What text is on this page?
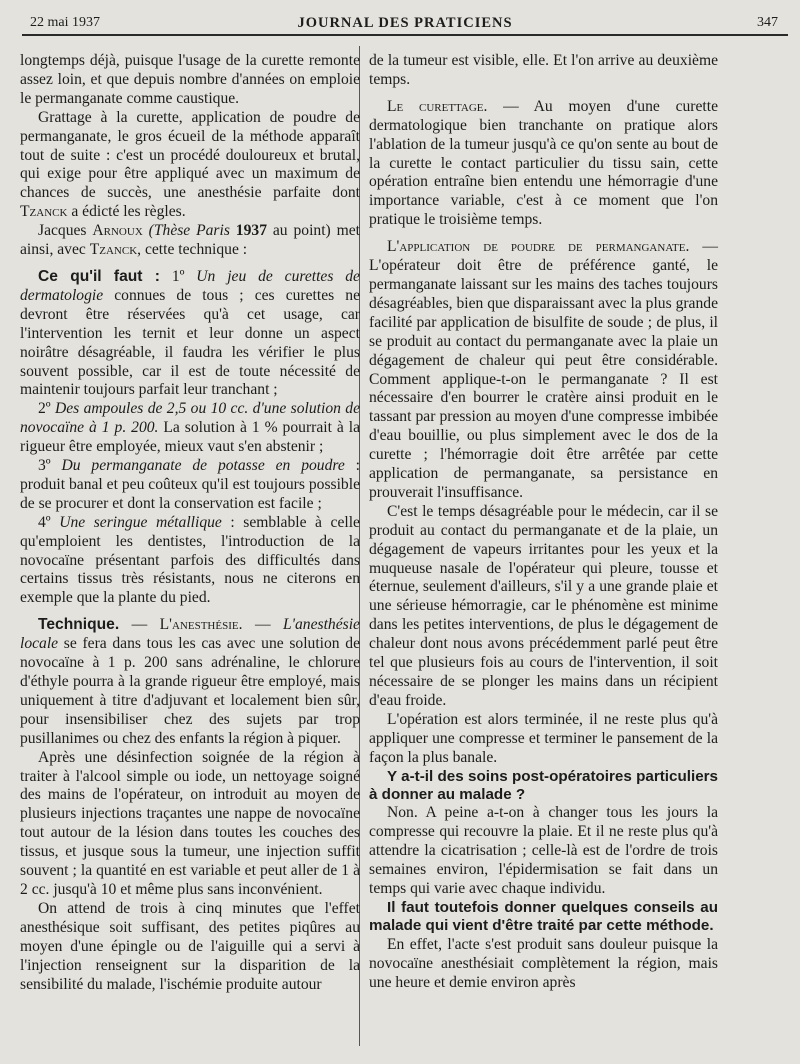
22 mai 1937	JOURNAL DES PRATICIENS	347

longtemps déjà, puisque l'usage de la curette remonte assez loin, et que depuis nombre d'années on emploie le permanganate comme caustique.

Grattage à la curette, application de poudre de permanganate, le gros écueil de la méthode apparaît tout de suite : c'est un procédé douloureux et brutal, qui exige pour être appliqué avec un maximum de chances de succès, une anesthésie parfaite dont Tzanck a édicté les règles.

Jacques Arnoux (Thèse Paris 1937 au point) met ainsi, avec Tzanck, cette technique :

Ce qu'il faut : 1º Un jeu de curettes de dermatologie connues de tous ; ces curettes ne devront être réservées qu'à cet usage, car l'intervention les ternit et leur donne un aspect noirâtre désagréable, il faudra les vérifier le plus souvent possible, car il est de toute nécessité de maintenir toujours parfait leur tranchant ;

2º Des ampoules de 2,5 ou 10 cc. d'une solution de novocaïne à 1 p. 200. La solution à 1 % pourrait à la rigueur être employée, mieux vaut s'en abstenir ;

3º Du permanganate de potasse en poudre : produit banal et peu coûteux qu'il est toujours possible de se procurer et dont la conservation est facile ;

4º Une seringue métallique : semblable à celle qu'emploient les dentistes, l'introduction de la novocaïne présentant parfois des difficultés dans certains tissus très résistants, nous ne citerons en exemple que la plante du pied.

Technique. — L'anesthésie. — L'anesthésie locale se fera dans tous les cas avec une solution de novocaïne à 1 p. 200 sans adrénaline, le chlorure d'éthyle pourra à la grande rigueur être employé, mais uniquement à titre d'adjuvant et localement bien sûr, pour insensibiliser chez des sujets par trop pusillanimes ou chez des enfants la région à piquer.

Après une désinfection soignée de la région à traiter à l'alcool simple ou iode, un nettoyage soigné des mains de l'opérateur, on introduit au moyen de plusieurs injections traçantes une nappe de novocaïne tout autour de la lésion dans toutes les couches des tissus, et jusque sous la tumeur, une injection suffit souvent ; la quantité en est variable et peut aller de 1 à 2 cc. jusqu'à 10 et même plus sans inconvénient.

On attend de trois à cinq minutes que l'effet anesthésique soit suffisant, des petites piqûres au moyen d'une épingle ou de l'aiguille qui a servi à l'injection renseignent sur la disparition de la sensibilité du malade, l'ischémie produite autour

de la tumeur est visible, elle. Et l'on arrive au deuxième temps.

Le curettage. — Au moyen d'une curette dermatologique bien tranchante on pratique alors l'ablation de la tumeur jusqu'à ce qu'on sente au bout de la curette le contact particulier du tissu sain, cette opération entraîne bien entendu une hémorragie d'une importance variable, c'est à ce moment que l'on pratique le troisième temps.

L'application de poudre de permanganate. — L'opérateur doit être de préférence ganté, le permanganate laissant sur les mains des taches toujours désagréables, bien que disparaissant avec la plus grande facilité par application de bisulfite de soude ; de plus, il se produit au contact du permanganate avec la plaie un dégagement de chaleur qui peut être considérable. Comment applique-t-on le permanganate ? Il est nécessaire d'en bourrer le cratère ainsi produit en le tassant par pression au moyen d'une compresse imbibée d'eau bouillie, ou plus simplement avec le dos de la curette ; l'hémorragie doit être arrêtée par cette application de permanganate, sa persistance en prouverait l'insuffisance.

C'est le temps désagréable pour le médecin, car il se produit au contact du permanganate et de la plaie, un dégagement de vapeurs irritantes pour les yeux et la muqueuse nasale de l'opérateur qui pleure, tousse et éternue, seulement d'ailleurs, s'il y a une grande plaie et une sérieuse hémorragie, car le phénomène est minime dans les petites interventions, de plus le dégagement de chaleur dont nous avons précédemment parlé peut être tel que plusieurs fois au cours de l'intervention, il soit nécessaire de se plonger les mains dans un récipient d'eau froide.

L'opération est alors terminée, il ne reste plus qu'à appliquer une compresse et terminer le pansement de la façon la plus banale.

Y a-t-il des soins post-opératoires particuliers à donner au malade ?

Non. A peine a-t-on à changer tous les jours la compresse qui recouvre la plaie. Et il ne reste plus qu'à attendre la cicatrisation ; celle-là est de l'ordre de trois semaines environ, l'épidermisation se fait dans un temps qui varie avec chaque individu.

Il faut toutefois donner quelques conseils au malade qui vient d'être traité par cette méthode.

En effet, l'acte s'est produit sans douleur puisque la novocaïne anesthésiait complètement la région, mais une heure et demie environ après
